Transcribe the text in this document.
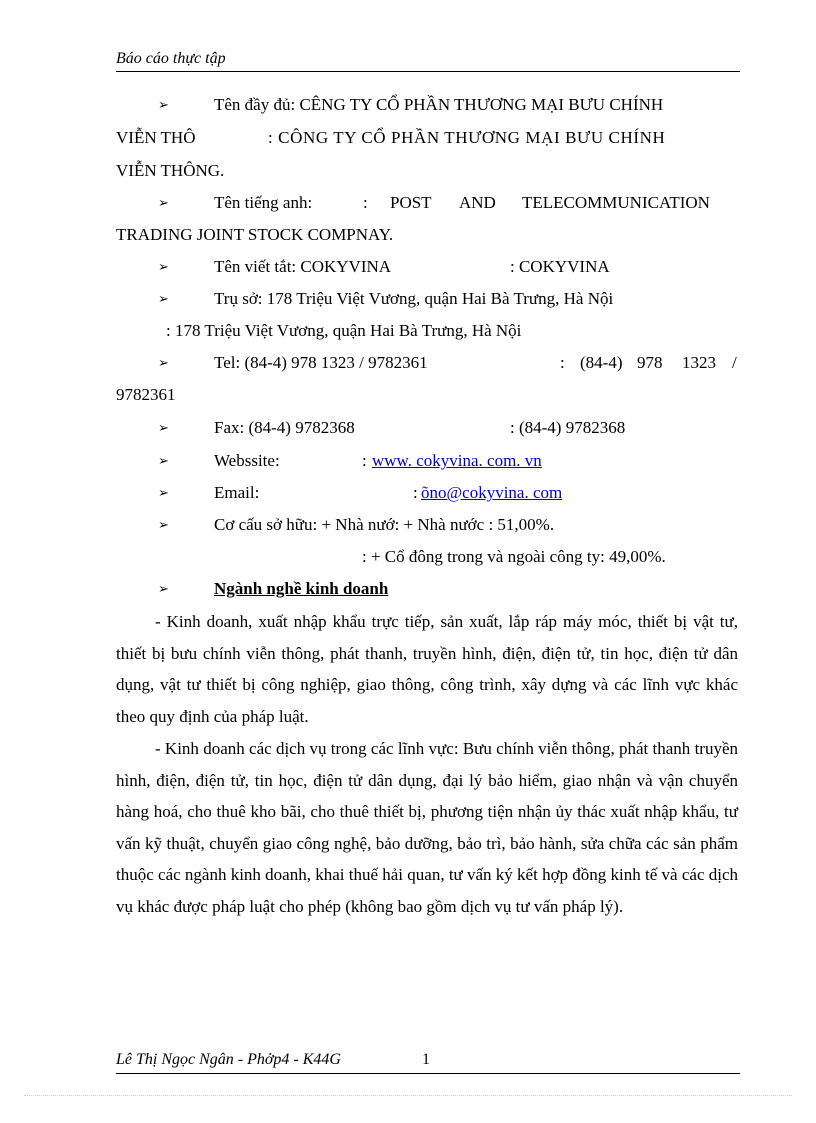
Báo cáo thực tập
➢	Tên đầy đủ: CÊNG TY CỔ PHẦN THƯƠNG MẠI BƯU CHÍNH
VIỄN THÔ	: CÔNG TY CỔ PHẦN THƯƠNG MẠI BƯU CHÍNH
VIỄN THÔNG.
➢	Tên tiếng anh:	: POST AND TELECOMMUNICATION
TRADING JOINT STOCK COMPNAY.
➢	Tên viết tắt: COKYVINA	: COKYVINA
➢	Trụ sở: 178 Triệu Việt Vương, quận Hai Bà Trưng, Hà Nội
: 178 Triệu Việt Vương, quận Hai Bà Trưng, Hà Nội
➢	Tel: (84-4) 978 1323 / 9782361	: (84-4) 978 1323 /
9782361
➢	Fax: (84-4) 9782368	: (84-4) 9782368
➢	Webssite:	: www. cokyvina. com. vn
➢	Email:	: õno@cokyvina. com
➢	Cơ cấu sở hữu: + Nhà nướ: + Nhà nước : 51,00%.
: + Cổ đông trong và ngoài công ty: 49,00%.
➢	Ngành nghề kinh doanh
- Kinh doanh, xuất nhập khẩu trực tiếp, sản xuất, lắp ráp máy móc, thiết bị vật tư, thiết bị bưu chính viễn thông, phát thanh, truyền hình, điện, điện tử, tin học, điện tử dân dụng, vật tư thiết bị công nghiệp, giao thông, công trình, xây dựng và các lĩnh vực khác theo quy định của pháp luật.
- Kinh doanh các dịch vụ trong các lĩnh vực: Bưu chính viễn thông, phát thanh truyền hình, điện, điện tử, tin học, điện tử dân dụng, đại lý bảo hiểm, giao nhận và vận chuyển hàng hoá, cho thuê kho bãi, cho thuê thiết bị, phương tiện nhận ủy thác xuất nhập khẩu, tư vấn kỹ thuật, chuyển giao công nghệ, bảo dưỡng, bảo trì, bảo hành, sửa chữa các sản phẩm thuộc các ngành kinh doanh, khai thuế hải quan, tư vấn ký kết hợp đồng kinh tế và các dịch vụ khác được pháp luật cho phép (không bao gồm dịch vụ tư vấn pháp lý).
Lê Thị Ngọc Ngân - Phởp4 - K44G	1
